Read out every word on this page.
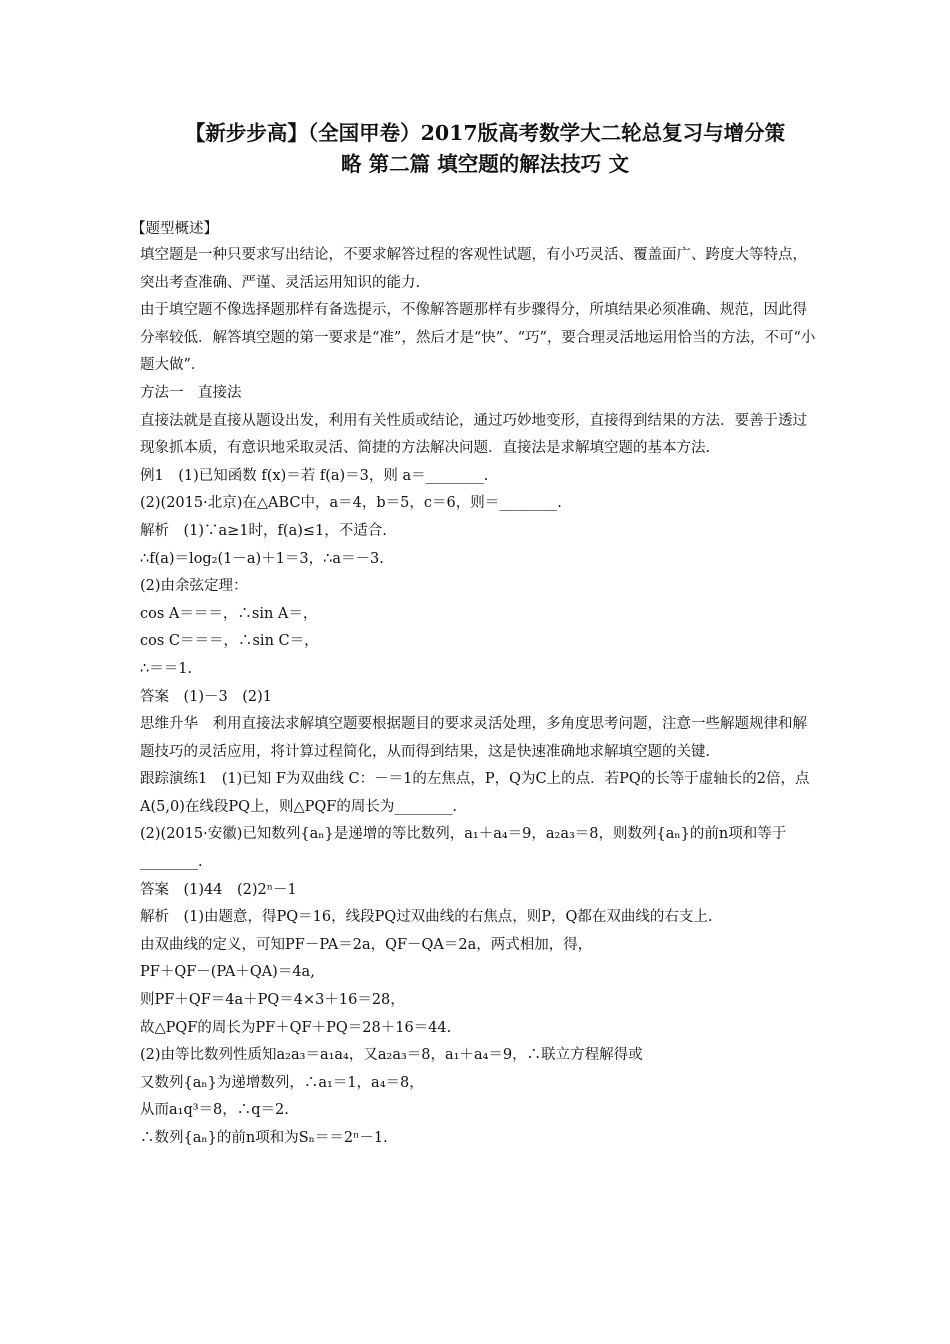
【新步步高】（全国甲卷）2017版高考数学大二轮总复习与增分策
略 第二篇 填空题的解法技巧 文
【题型概述】

填空题是一种只要求写出结论，不要求解答过程的客观性试题，有小巧灵活、覆盖面广、跨度大等特点，突出考查准确、严谨、灵活运用知识的能力.

由于填空题不像选择题那样有备选提示，不像解答题那样有步骤得分，所填结果必须准确、规范，因此得分率较低．解答填空题的第一要求是“准”，然后才是“快”、“巧”，要合理灵活地运用恰当的方法，不可“小题大做”．

方法一　直接法

直接法就是直接从题设出发，利用有关性质或结论，通过巧妙地变形，直接得到结果的方法．要善于透过现象抓本质，有意识地采取灵活、简捷的方法解决问题．直接法是求解填空题的基本方法.

例1　(1)已知函数 f(x)＝若 f(a)＝3，则 a＝________.

(2)(2015·北京)在△ABC中，a＝4，b＝5，c＝6，则＝________.

解析　(1)∵a≥1时，f(a)≤1，不适合.

∴f(a)＝log₂(1－a)＋1＝3，∴a＝－3.

(2)由余弦定理：

cos A＝＝＝，∴sin A＝，

cos C＝＝＝，∴sin C＝，

∴＝＝1.

答案　(1)－3　(2)1

思维升华　利用直接法求解填空题要根据题目的要求灵活处理，多角度思考问题，注意一些解题规律和解题技巧的灵活应用，将计算过程简化，从而得到结果，这是快速准确地求解填空题的关键.

跟踪演练1　(1)已知 F为双曲线 C：－＝1的左焦点，P，Q为C上的点．若PQ的长等于虚轴长的2倍，点A(5,0)在线段PQ上，则△PQF的周长为________.

(2)(2015·安徽)已知数列{aₙ}是递增的等比数列，a₁＋a₄＝9，a₂a₃＝8，则数列{aₙ}的前n项和等于________.

答案　(1)44　(2)2ⁿ－1

解析　(1)由题意，得PQ＝16，线段PQ过双曲线的右焦点，则P，Q都在双曲线的右支上.

由双曲线的定义，可知PF－PA＝2a，QF－QA＝2a，两式相加，得，

PF＋QF－(PA＋QA)＝4a,

则PF＋QF＝4a＋PQ＝4×3＋16＝28，

故△PQF的周长为PF＋QF＋PQ＝28＋16＝44.

(2)由等比数列性质知a₂a₃＝a₁a₄，又a₂a₃＝8，a₁＋a₄＝9，∴联立方程解得或

又数列{aₙ}为递增数列，∴a₁＝1，a₄＝8，

从而a₁q³＝8，∴q＝2.

∴数列{aₙ}的前n项和为Sₙ＝＝2ⁿ－1.
